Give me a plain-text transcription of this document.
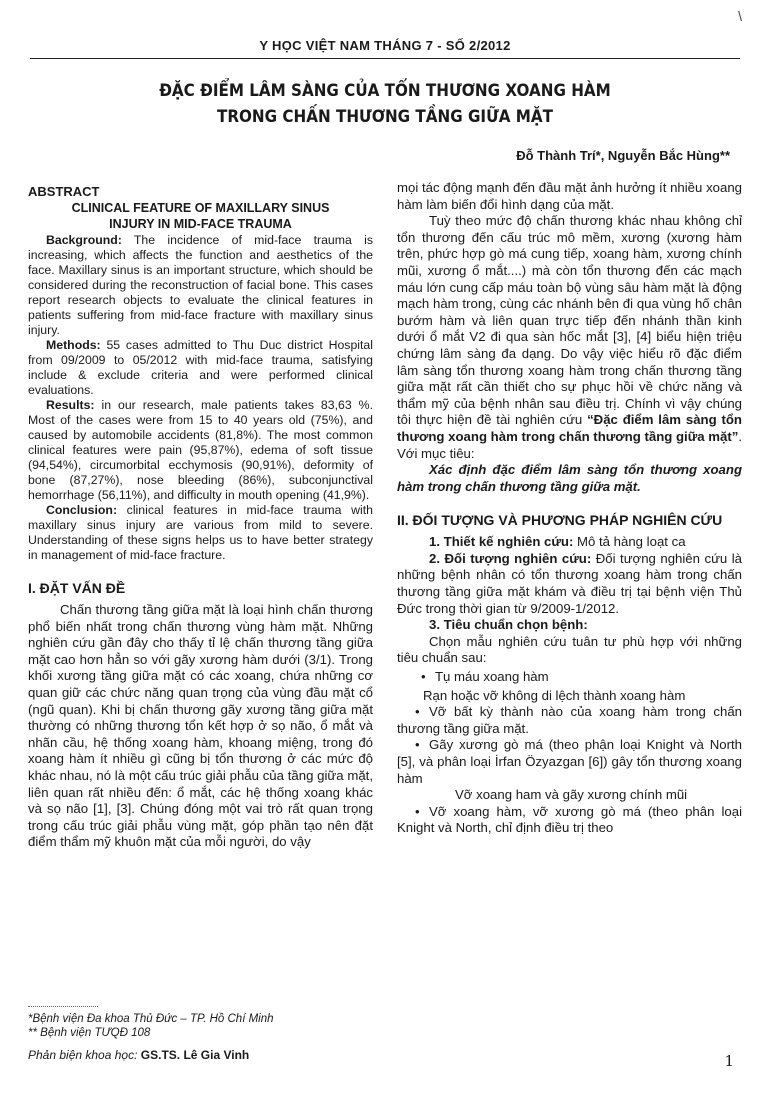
\
Y HỌC VIỆT NAM THÁNG 7 - SỐ 2/2012
ĐẶC ĐIỂM LÂM SÀNG CỦA TỔN THƯƠNG XOANG HÀM
TRONG CHẤN THƯƠNG TẦNG GIỮA MẶT
Đỗ Thành Trí*, Nguyễn Bắc Hùng**
ABSTRACT
CLINICAL FEATURE OF MAXILLARY SINUS
INJURY IN MID-FACE TRAUMA

Background: The incidence of mid-face trauma is increasing, which affects the function and aesthetics of the face. Maxillary sinus is an important structure, which should be considered during the reconstruction of facial bone. This cases report research objects to evaluate the clinical features in patients suffering from mid-face fracture with maxillary sinus injury.

Methods: 55 cases admitted to Thu Duc district Hospital from 09/2009 to 05/2012 with mid-face trauma, satisfying include & exclude criteria and were performed clinical evaluations.

Results: in our research, male patients takes 83,63 %. Most of the cases were from 15 to 40 years old (75%), and caused by automobile accidents (81,8%). The most common clinical features were pain (95,87%), edema of soft tissue (94,54%), circumorbital ecchymosis (90,91%), deformity of bone (87,27%), nose bleeding (86%), subconjunctival hemorrhage (56,11%), and difficulty in mouth opening (41,9%).

Conclusion: clinical features in mid-face trauma with maxillary sinus injury are various from mild to severe. Understanding of these signs helps us to have better strategy in management of mid-face fracture.

I. ĐẶT VẤN ĐỀ

Chấn thương tầng giữa mặt là loại hình chấn thương phổ biến nhất trong chấn thương vùng hàm mặt. Những nghiên cứu gần đây cho thấy tỉ lệ chấn thương tầng giữa mặt cao hơn hẳn so với gãy xương hàm dưới (3/1). Trong khối xương tầng giữa mặt có các xoang, chứa những cơ quan giữ các chức năng quan trọng của vùng đầu mặt cổ (ngũ quan). Khi bị chấn thương gãy xương tầng giữa mặt thường có những thương tổn kết hợp ở sọ não, ổ mắt và nhãn cầu, hệ thống xoang hàm, khoang miệng, trong đó xoang hàm ít nhiều gì cũng bị tổn thương ở các mức độ khác nhau, nó là một cấu trúc giải phẫu của tầng giữa mặt, liên quan rất nhiều đến: ổ mắt, các hệ thống xoang khác và sọ não [1], [3]. Chúng đóng một vai trò rất quan trọng trong cấu trúc giải phẫu vùng mặt, góp phần tạo nên đặt điểm thẩm mỹ khuôn mặt của mỗi người, do vậy

mọi tác động mạnh đến đầu mặt ảnh hưởng ít nhiều xoang hàm làm biến đổi hình dạng của mặt.

Tuỳ theo mức độ chấn thương khác nhau không chỉ tổn thương đến cấu trúc mô mềm, xương (xương hàm trên, phức hợp gò má cung tiếp, xoang hàm, xương chính mũi, xương ổ mắt....) mà còn tổn thương đến các mạch máu lớn cung cấp máu toàn bộ vùng sâu hàm mặt là động mạch hàm trong, cùng các nhánh bên đi qua vùng hố chân bướm hàm và liên quan trực tiếp đến nhánh thần kinh dưới ổ mắt V2 đi qua sàn hốc mắt [3], [4] biểu hiện triệu chứng lâm sàng đa dạng. Do vậy việc hiểu rõ đặc điểm lâm sàng tổn thương xoang hàm trong chấn thương tầng giữa mặt rất cần thiết cho sự phục hồi về chức năng và thẩm mỹ của bệnh nhân sau điều trị. Chính vì vậy chúng tôi thực hiện đề tài nghiên cứu “Đặc điểm lâm sàng tổn thương xoang hàm trong chấn thương tầng giữa mặt”. Với mục tiêu:

Xác định đặc điểm lâm sàng tổn thương xoang hàm trong chấn thương tầng giữa mặt.

II. ĐỐI TƯỢNG VÀ PHƯƠNG PHÁP NGHIÊN CỨU

1. Thiết kế nghiên cứu: Mô tả hàng loạt ca

2. Đối tượng nghiên cứu: Đối tượng nghiên cứu là những bệnh nhân có tổn thương xoang hàm trong chấn thương tầng giữa mặt khám và điều trị tại bệnh viện Thủ Đức trong thời gian từ 9/2009-1/2012.

3. Tiêu chuẩn chọn bệnh:

Chọn mẫu nghiên cứu tuân tư phù hợp với những tiêu chuẩn sau:

• Tụ máu xoang hàm

Rạn hoặc vỡ không di lệch thành xoang hàm

• Vỡ bất kỳ thành nào của xoang hàm trong chấn thương tầng giữa mặt.

• Gãy xương gò má (theo phận loại Knight và North [5], và phân loại İrfan Özyazgan [6]) gây tổn thương xoang hàm

Vỡ xoang ham và gãy xương chính mũi

• Vỡ xoang hàm, vỡ xương gò má (theo phân loại Knight và North, chỉ định điều trị theo

*Bệnh viện Đa khoa Thủ Đức – TP. Hồ Chí Minh
** Bệnh viện TƯQĐ 108
Phản biện khoa học: GS.TS. Lê Gia Vinh	1
